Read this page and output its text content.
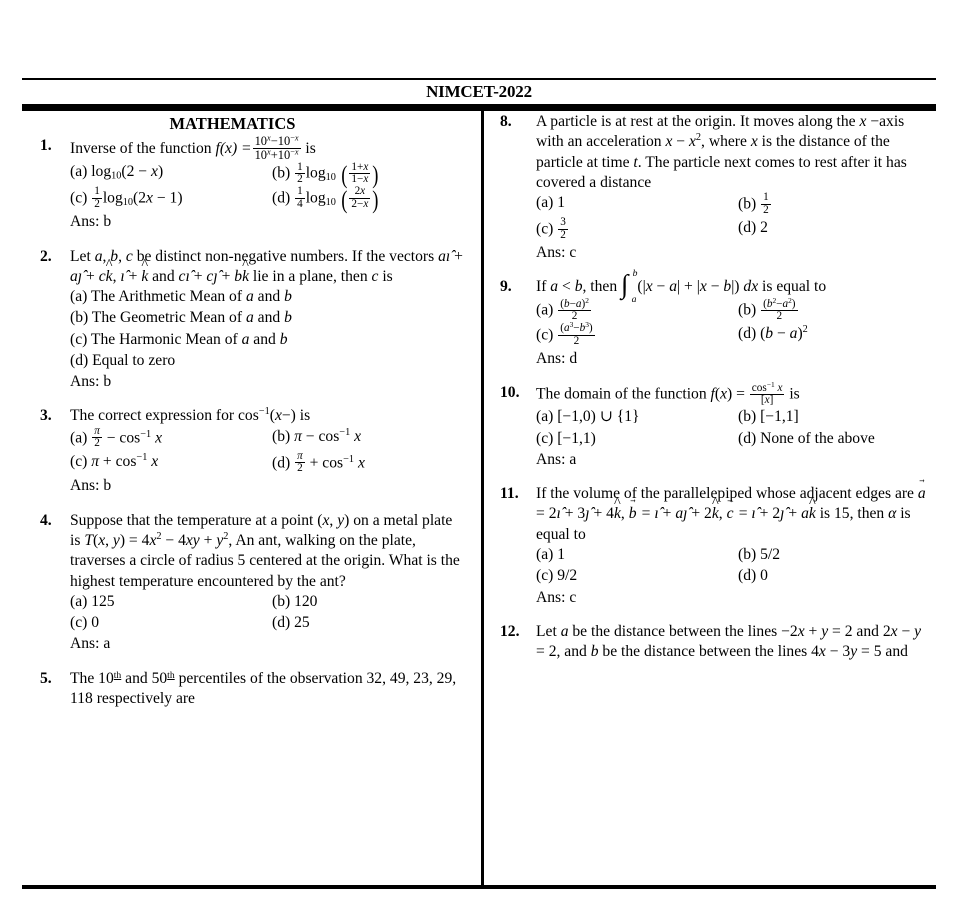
NIMCET-2022
MATHEMATICS
1.	Inverse of the function $f(x) = \frac{10^x-10^{-x}}{10^x+10^{-x}}$ is
(a) $\log_{10}(2 - x)$	$(b) \frac{1}{2} \log_{10}$ ( $\frac{1+x}{1-x}$ )
$(c) \frac{1}{2} \log_{10}(2x - 1)$	$(d) \frac{1}{4} \log_{10}$ ( $\frac{2x}{2-x}$ )
Ans: b
2.	Let a, b, c be distinct non-negative numbers. If the vectors aı̂ + aȷ̂ + ck ^, ı̂ + k ^ and cı̂ + cȷ̂ + bk ^ lie in a plane, then c is
(a) The Arithmetic Mean of a and b
(b) The Geometric Mean of a and b
(c) The Harmonic Mean of a and b
(d) Equal to zero
Ans: b
3.	The correct expression for $\cos^{-1}(x-)$ is
$(a) \frac{\pi}{2} - \cos^{-1} x$	(b) $\pi - \cos^{-1} x$
(c) $\pi + \cos^{-1} x$	$(d) \frac{\pi}{2} + \cos^{-1} x$
Ans: b
4.	Suppose that the temperature at a point (x, y) on a metal plate is T(x, $y) = 4x^2 - 4xy + y^2$, An ant, walking on the plate, traverses a circle of radius 5 centered at the origin. What is the highest temperature encountered by the ant?
(a) 125	(b) 120
(c) 0	(d) 25
Ans: a
5.	The 10th and 50th percentiles of the observation 32, 49, 23, 29, 118 respectively are
8.	A particle is at rest at the origin. It moves along the x −axis with an acceleration $x - x^2$, where x is the distance of the particle at time t. The particle next comes to rest after it has covered a distance
(a) 1	$(b) \frac{1}{2}$
$(c) \frac{3}{2}$	(d) 2
Ans: c
9.	If a < b, then ∫ b
a
(|x − a| + |x − b|) dx is equal to
$(a) \frac{(b-a)^2}{2}$	$(b) \frac{(b^2-a^2)}{2}$
$(c) \frac{(a^3-b^3)}{2}$	(d) $(b - a)^2$
Ans: d
10.	The domain of the function $f(x) = \frac{\cos^{-1} x}{[x]}$ is
(a) [−1,0) ∪ {1}	(b) [−1,1]
(c) [−1,1)	(d) None of the above
Ans: a
11.	If the volume of the parallelepiped whose adjacent edges are a →  = 2ı̂ + 3ȷ̂ + 4k ^, b →  = ı̂ + aȷ̂ + 2k ^, c →  = ı̂ + 2ȷ̂ + ak ^ is 15, then α is equal to
(a) 1	(b) 5/2
(c) 9/2	(d) 0
Ans: c
12.	Let a be the distance between the lines −2x + y = 2 and 2x − y = 2, and b be the distance between the lines 4x − 3y = 5 and
